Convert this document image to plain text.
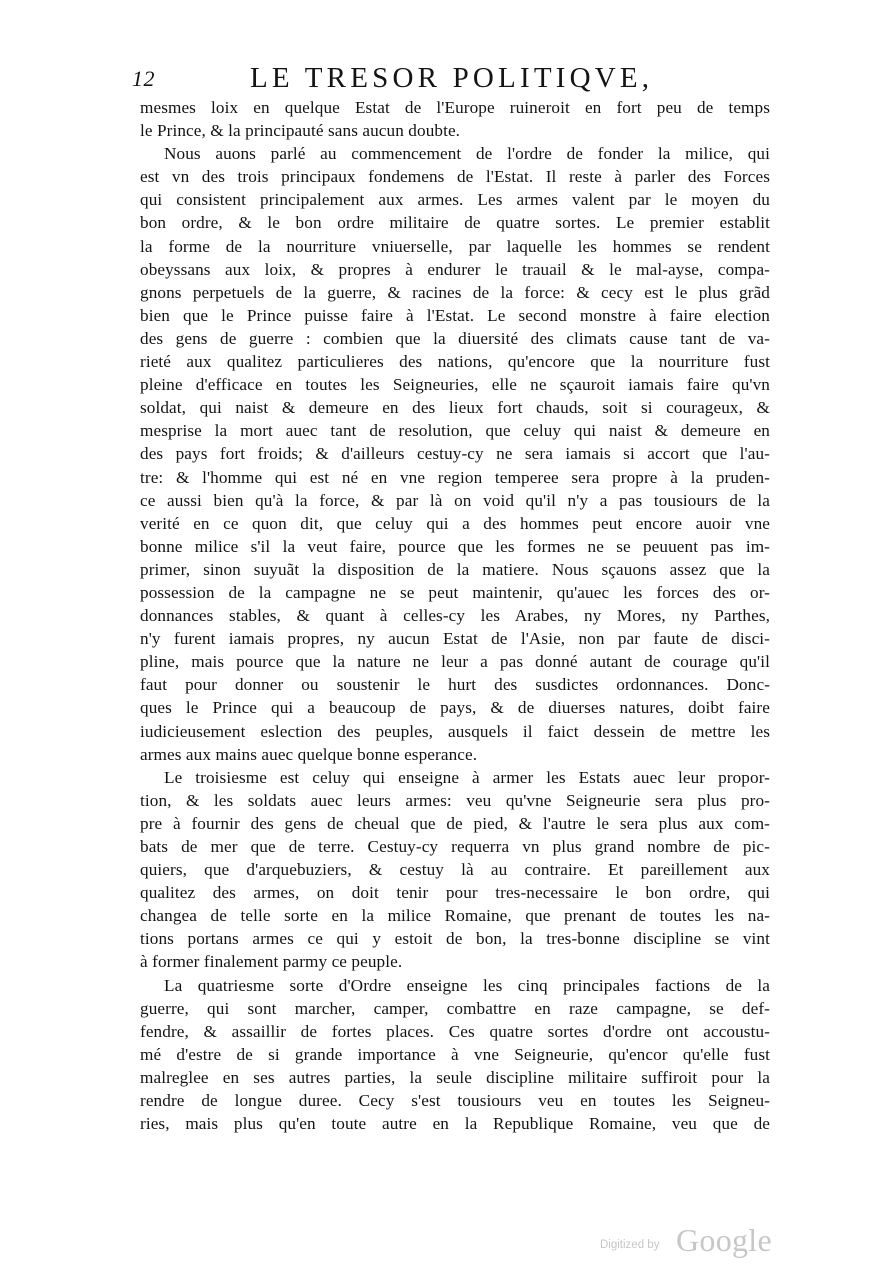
12	LE TRESOR POLITIQVE,
mesmes loix en quelque Estat de l'Europe ruineroit en fort peu de temps
le Prince, & la principauté sans aucun doubte.
Nous auons parlé au commencement de l'ordre de fonder la milice, qui
est vn des trois principaux fondemens de l'Estat. Il reste à parler des Forces
qui consistent principalement aux armes. Les armes valent par le moyen du
bon ordre, & le bon ordre militaire de quatre sortes. Le premier establit
la forme de la nourriture vniuerselle, par laquelle les hommes se rendent
obeyssans aux loix, & propres à endurer le trauail & le mal-ayse, compa-
gnons perpetuels de la guerre, & racines de la force: & cecy est le plus grãd
bien que le Prince puisse faire à l'Estat. Le second monstre à faire election
des gens de guerre : combien que la diuersité des climats cause tant de va-
rieté aux qualitez particulieres des nations, qu'encore que la nourriture fust
pleine d'efficace en toutes les Seigneuries, elle ne sçauroit iamais faire qu'vn
soldat, qui naist & demeure en des lieux fort chauds, soit si courageux, &
mesprise la mort auec tant de resolution, que celuy qui naist & demeure en
des pays fort froids; & d'ailleurs cestuy-cy ne sera iamais si accort que l'au-
tre: & l'homme qui est né en vne region temperee sera propre à la pruden-
ce aussi bien qu'à la force, & par là on void qu'il n'y a pas tousiours de la
verité en ce quon dit, que celuy qui a des hommes peut encore auoir vne
bonne milice s'il la veut faire, pource que les formes ne se peuuent pas im-
primer, sinon suyuãt la disposition de la matiere. Nous sçauons assez que la
possession de la campagne ne se peut maintenir, qu'auec les forces des or-
donnances stables, & quant à celles-cy les Arabes, ny Mores, ny Parthes,
n'y furent iamais propres, ny aucun Estat de l'Asie, non par faute de disci-
pline, mais pource que la nature ne leur a pas donné autant de courage qu'il
faut pour donner ou soustenir le hurt des susdictes ordonnances. Donc-
ques le Prince qui a beaucoup de pays, & de diuerses natures, doibt faire
iudicieusement eslection des peuples, ausquels il faict dessein de mettre les
armes aux mains auec quelque bonne esperance.
Le troisiesme est celuy qui enseigne à armer les Estats auec leur propor-
tion, & les soldats auec leurs armes: veu qu'vne Seigneurie sera plus pro-
pre à fournir des gens de cheual que de pied, & l'autre le sera plus aux com-
bats de mer que de terre. Cestuy-cy requerra vn plus grand nombre de pic-
quiers, que d'arquebuziers, & cestuy là au contraire. Et pareillement aux
qualitez des armes, on doit tenir pour tres-necessaire le bon ordre, qui
changea de telle sorte en la milice Romaine, que prenant de toutes les na-
tions portans armes ce qui y estoit de bon, la tres-bonne discipline se vint
à former finalement parmy ce peuple.
La quatriesme sorte d'Ordre enseigne les cinq principales factions de la
guerre, qui sont marcher, camper, combattre en raze campagne, se def-
fendre, & assaillir de fortes places. Ces quatre sortes d'ordre ont accoustu-
mé d'estre de si grande importance à vne Seigneurie, qu'encor qu'elle fust
malreglee en ses autres parties, la seule discipline militaire suffiroit pour la
rendre de longue duree. Cecy s'est tousiours veu en toutes les Seigneu-
ries, mais plus qu'en toute autre en la Republique Romaine, veu que de
Digitized by Google
